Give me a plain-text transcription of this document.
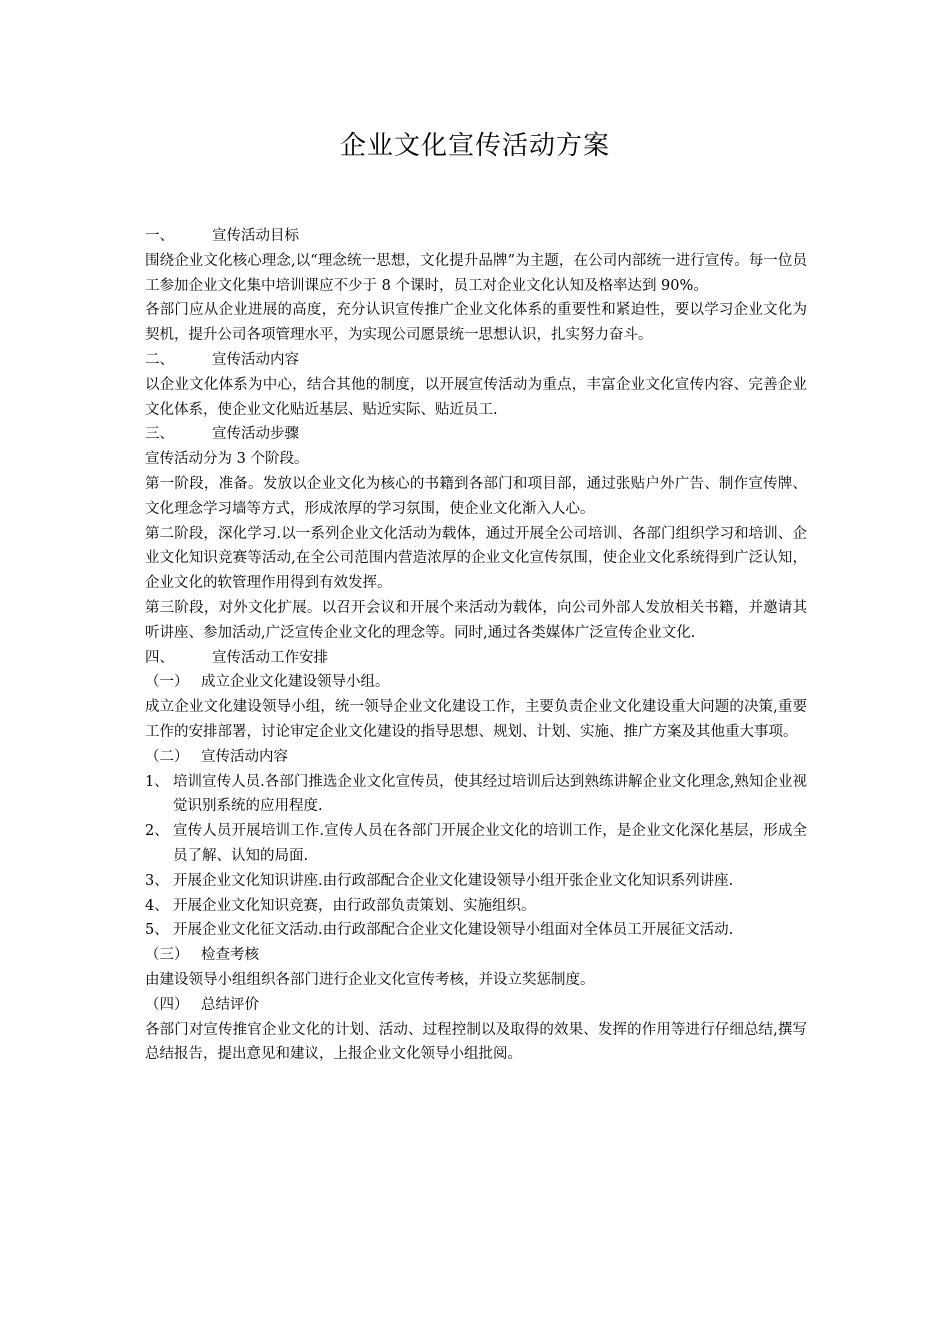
企业文化宣传活动方案

一、	宣传活动目标

围绕企业文化核心理念,以“理念统一思想，文化提升品牌”为主题，在公司内部统一进行宣传。每一位员工参加企业文化集中培训课应不少于 8 个课时，员工对企业文化认知及格率达到 90%。

各部门应从企业进展的高度，充分认识宣传推广企业文化体系的重要性和紧迫性，要以学习企业文化为契机，提升公司各项管理水平，为实现公司愿景统一思想认识，扎实努力奋斗。

二、	宣传活动内容

以企业文化体系为中心，结合其他的制度，以开展宣传活动为重点，丰富企业文化宣传内容、完善企业文化体系，使企业文化贴近基层、贴近实际、贴近员工.

三、	宣传活动步骤

宣传活动分为 3 个阶段。

第一阶段，准备。发放以企业文化为核心的书籍到各部门和项目部，通过张贴户外广告、制作宣传牌、文化理念学习墙等方式，形成浓厚的学习氛围，使企业文化渐入人心。

第二阶段，深化学习.以一系列企业文化活动为载体，通过开展全公司培训、各部门组织学习和培训、企业文化知识竞赛等活动,在全公司范围内营造浓厚的企业文化宣传氛围，使企业文化系统得到广泛认知，企业文化的软管理作用得到有效发挥。

第三阶段，对外文化扩展。以召开会议和开展个来活动为载体，向公司外部人发放相关书籍，并邀请其听讲座、参加活动,广泛宣传企业文化的理念等。同时,通过各类媒体广泛宣传企业文化.

四、	宣传活动工作安排

（一） 成立企业文化建设领导小组。

成立企业文化建设领导小组，统一领导企业文化建设工作，主要负责企业文化建设重大问题的决策,重要工作的安排部署，讨论审定企业文化建设的指导思想、规划、计划、实施、推广方案及其他重大事项。

（二） 宣传活动内容

1、 培训宣传人员.各部门推选企业文化宣传员，使其经过培训后达到熟练讲解企业文化理念,熟知企业视觉识别系统的应用程度.

2、 宣传人员开展培训工作.宣传人员在各部门开展企业文化的培训工作，是企业文化深化基层，形成全员了解、认知的局面.

3、 开展企业文化知识讲座.由行政部配合企业文化建设领导小组开张企业文化知识系列讲座.

4、 开展企业文化知识竞赛，由行政部负责策划、实施组织。

5、 开展企业文化征文活动.由行政部配合企业文化建设领导小组面对全体员工开展征文活动.

（三） 检查考核

由建设领导小组组织各部门进行企业文化宣传考核，并设立奖惩制度。

（四） 总结评价

各部门对宣传推官企业文化的计划、活动、过程控制以及取得的效果、发挥的作用等进行仔细总结,撰写总结报告，提出意见和建议，上报企业文化领导小组批阅。
